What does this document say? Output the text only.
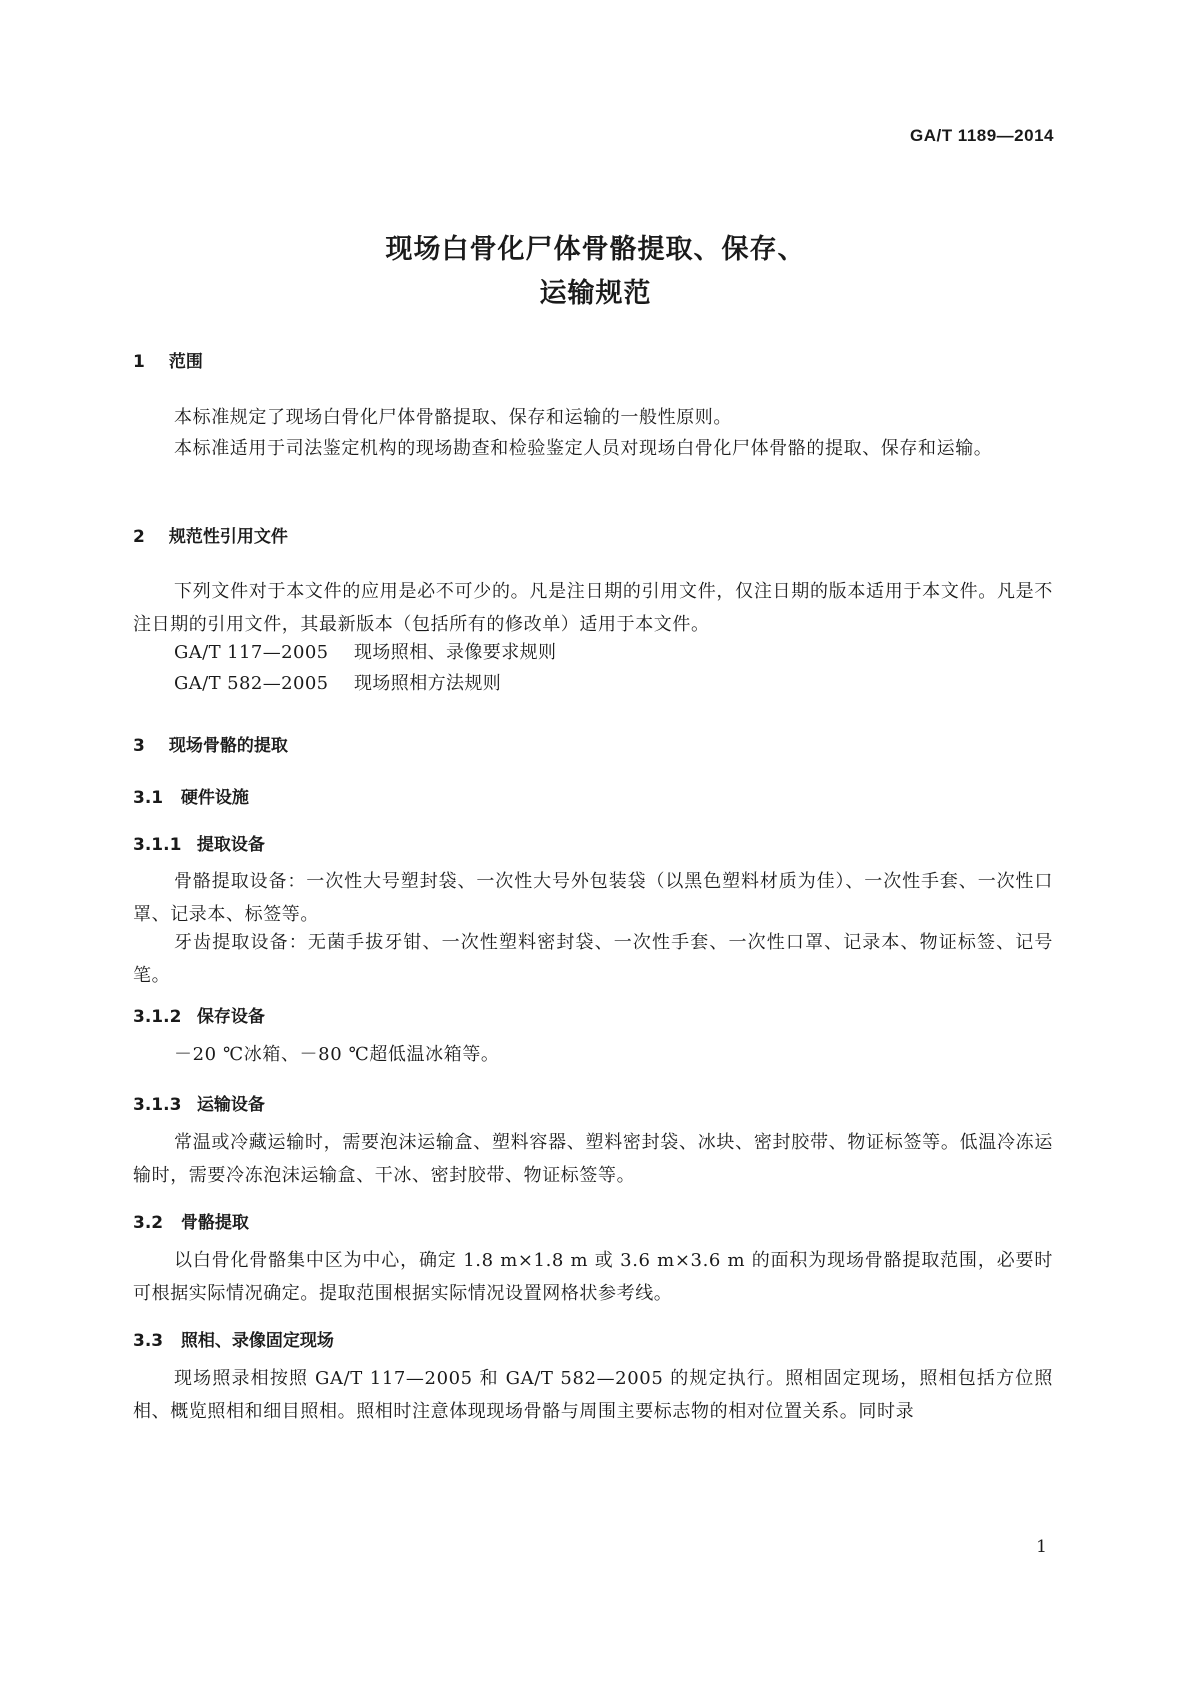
GA/T 1189—2014
现场白骨化尸体骨骼提取、保存、
运输规范
1 范围
本标准规定了现场白骨化尸体骨骼提取、保存和运输的一般性原则。
本标准适用于司法鉴定机构的现场勘查和检验鉴定人员对现场白骨化尸体骨骼的提取、保存和运输。
2 规范性引用文件
下列文件对于本文件的应用是必不可少的。凡是注日期的引用文件，仅注日期的版本适用于本文件。凡是不注日期的引用文件，其最新版本（包括所有的修改单）适用于本文件。
GA/T 117—2005 现场照相、录像要求规则
GA/T 582—2005 现场照相方法规则
3 现场骨骼的提取
3.1 硬件设施
3.1.1 提取设备
骨骼提取设备：一次性大号塑封袋、一次性大号外包装袋（以黑色塑料材质为佳）、一次性手套、一次性口罩、记录本、标签等。
牙齿提取设备：无菌手拔牙钳、一次性塑料密封袋、一次性手套、一次性口罩、记录本、物证标签、记号笔。
3.1.2 保存设备
－20 ℃冰箱、－80 ℃超低温冰箱等。
3.1.3 运输设备
常温或冷藏运输时，需要泡沫运输盒、塑料容器、塑料密封袋、冰块、密封胶带、物证标签等。低温冷冻运输时，需要冷冻泡沫运输盒、干冰、密封胶带、物证标签等。
3.2 骨骼提取
以白骨化骨骼集中区为中心，确定 1.8 m×1.8 m 或 3.6 m×3.6 m 的面积为现场骨骼提取范围，必要时可根据实际情况确定。提取范围根据实际情况设置网格状参考线。
3.3 照相、录像固定现场
现场照录相按照 GA/T 117—2005 和 GA/T 582—2005 的规定执行。照相固定现场，照相包括方位照相、概览照相和细目照相。照相时注意体现现场骨骼与周围主要标志物的相对位置关系。同时录
1
